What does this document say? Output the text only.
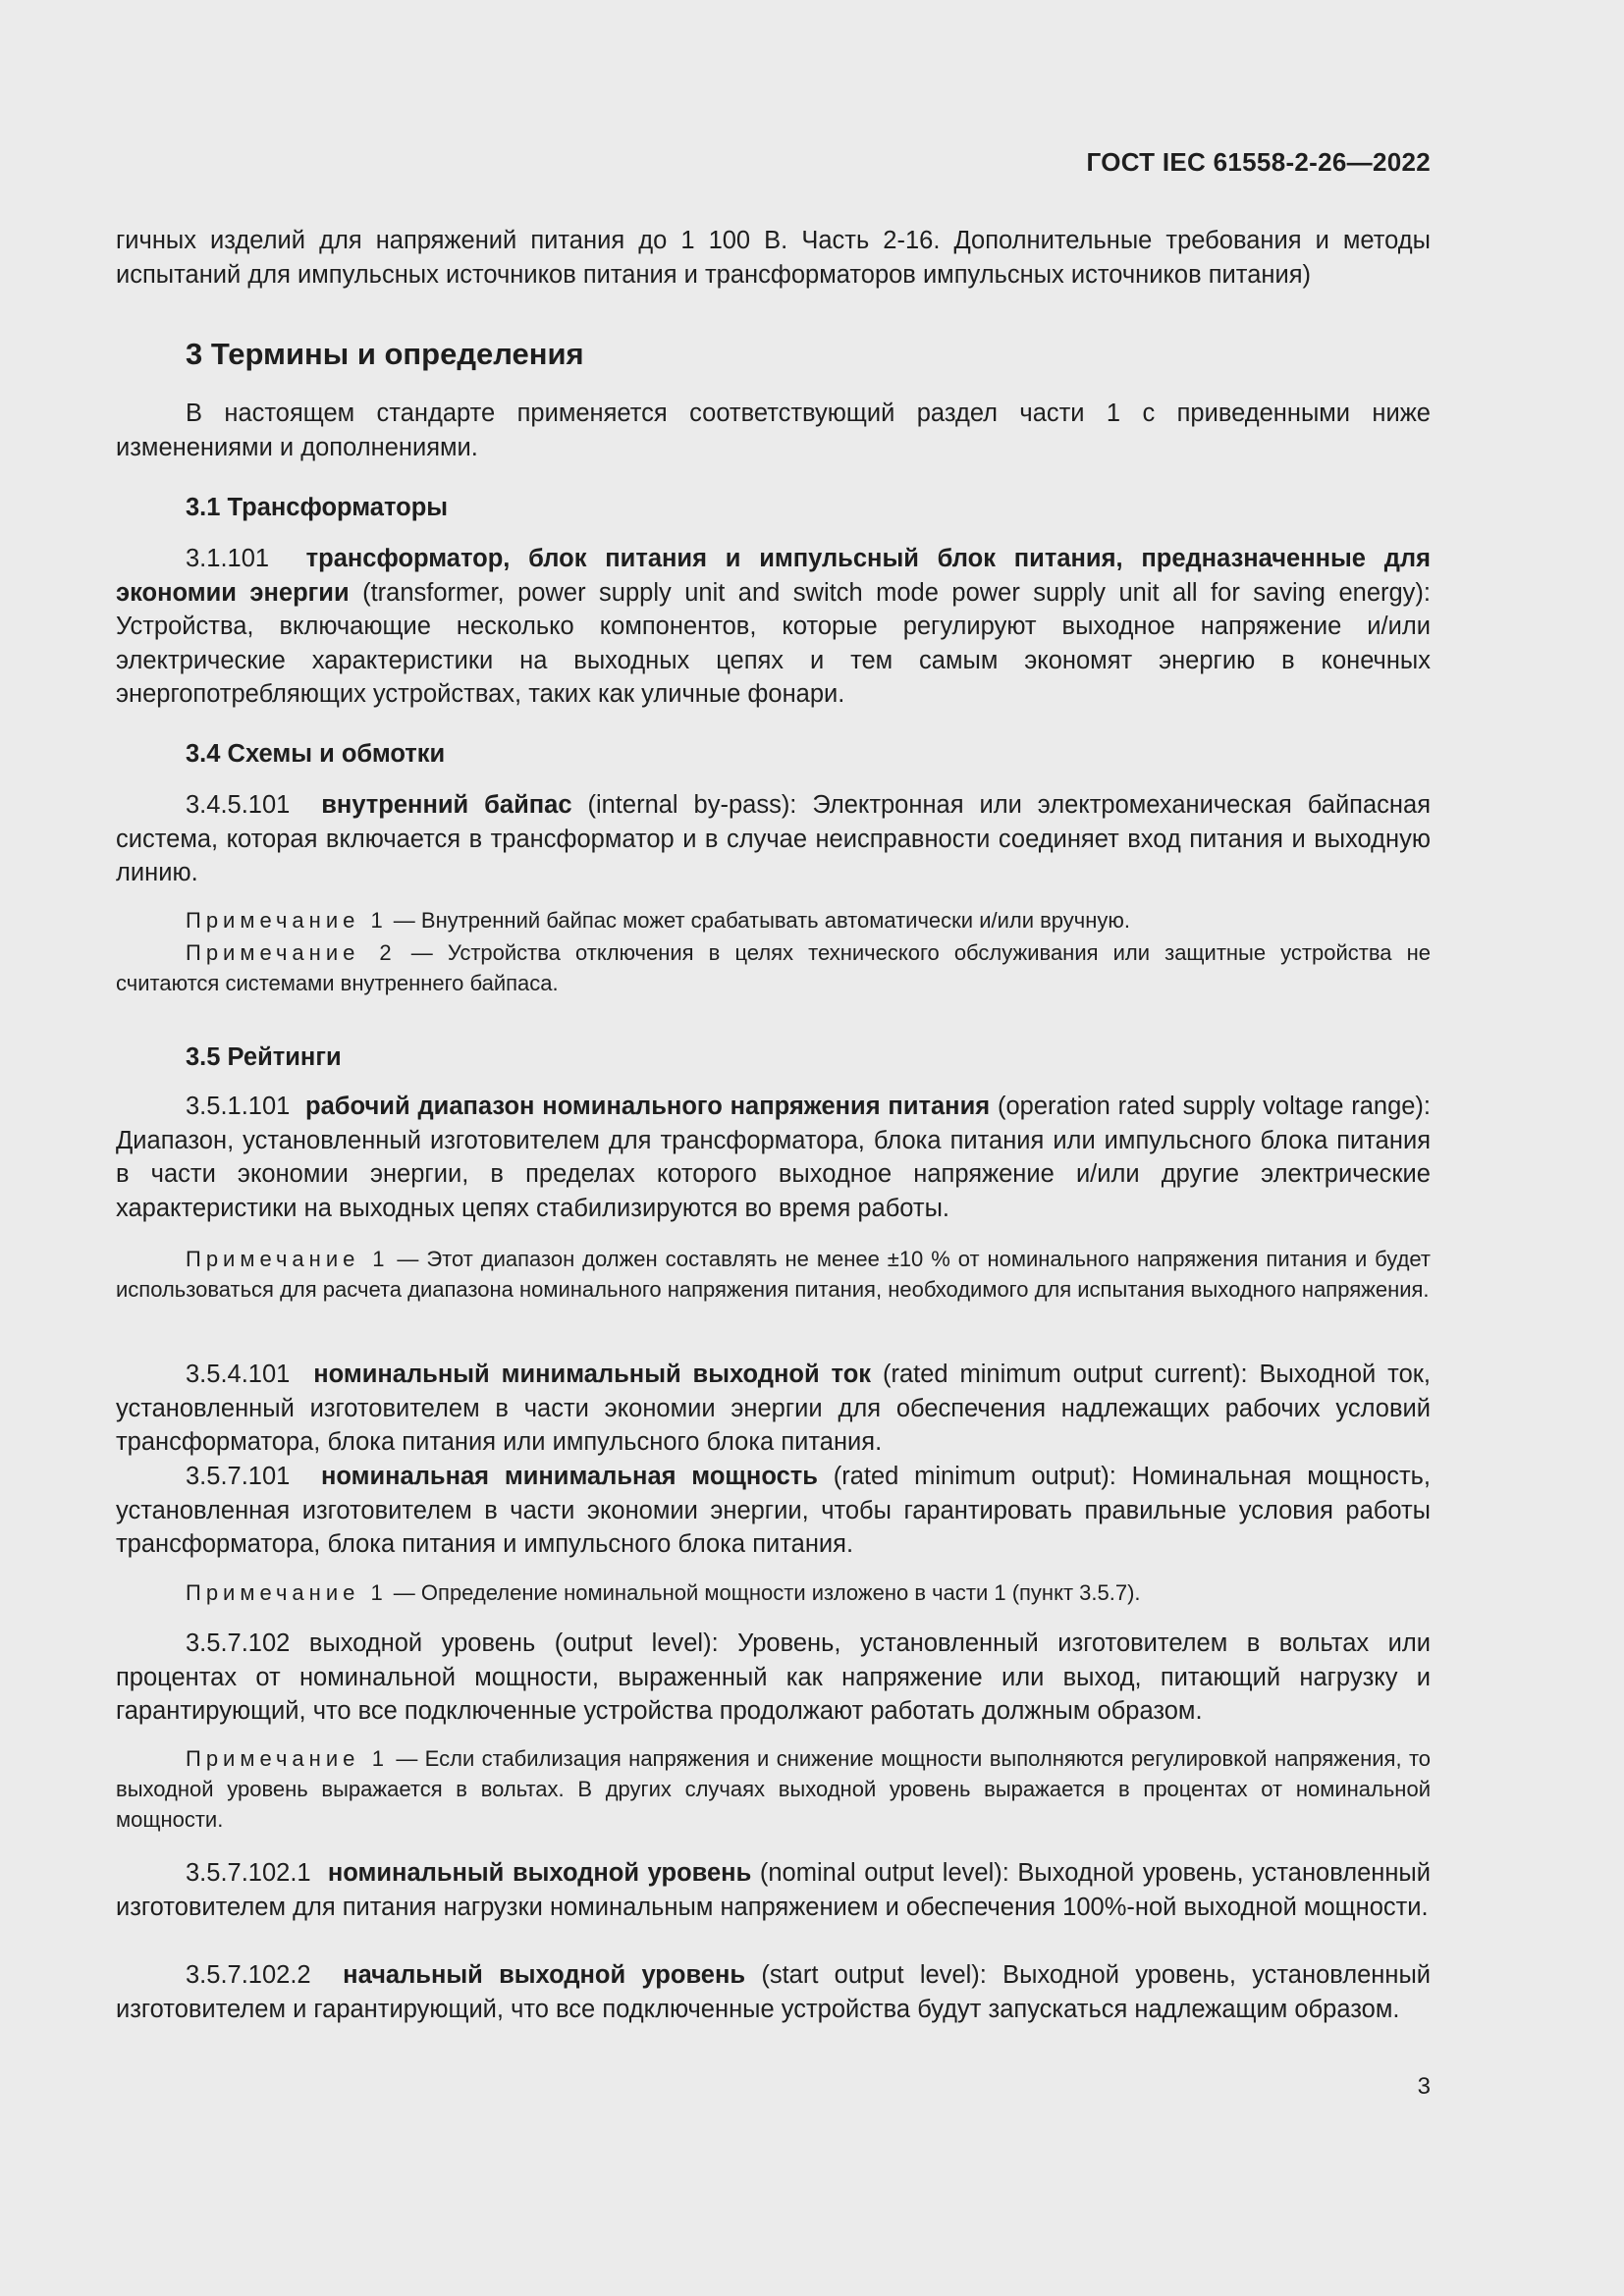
ГОСТ IEC 61558-2-26—2022

гичных изделий для напряжений питания до 1 100 В. Часть 2-16. Дополнительные требования и методы испытаний для импульсных источников питания и трансформаторов импульсных источников питания)

3 Термины и определения

В настоящем стандарте применяется соответствующий раздел части 1 с приведенными ниже изменениями и дополнениями.

3.1 Трансформаторы

3.1.101 трансформатор, блок питания и импульсный блок питания, предназначенные для экономии энергии (transformer, power supply unit and switch mode power supply unit all for saving energy): Устройства, включающие несколько компонентов, которые регулируют выходное напряжение и/или электрические характеристики на выходных цепях и тем самым экономят энергию в конечных энергопотребляющих устройствах, таких как уличные фонари.

3.4 Схемы и обмотки

3.4.5.101 внутренний байпас (internal by-pass): Электронная или электромеханическая байпасная система, которая включается в трансформатор и в случае неисправности соединяет вход питания и выходную линию.

Примечание 1 — Внутренний байпас может срабатывать автоматически и/или вручную.

Примечание 2 — Устройства отключения в целях технического обслуживания или защитные устройства не считаются системами внутреннего байпаса.

3.5 Рейтинги

3.5.1.101 рабочий диапазон номинального напряжения питания (operation rated supply voltage range): Диапазон, установленный изготовителем для трансформатора, блока питания или импульсного блока питания в части экономии энергии, в пределах которого выходное напряжение и/или другие электрические характеристики на выходных цепях стабилизируются во время работы.

Примечание 1 — Этот диапазон должен составлять не менее ±10 % от номинального напряжения питания и будет использоваться для расчета диапазона номинального напряжения питания, необходимого для испытания выходного напряжения.

3.5.4.101 номинальный минимальный выходной ток (rated minimum output current): Выходной ток, установленный изготовителем в части экономии энергии для обеспечения надлежащих рабочих условий трансформатора, блока питания или импульсного блока питания.

3.5.7.101 номинальная минимальная мощность (rated minimum output): Номинальная мощность, установленная изготовителем в части экономии энергии, чтобы гарантировать правильные условия работы трансформатора, блока питания и импульсного блока питания.

Примечание 1 — Определение номинальной мощности изложено в части 1 (пункт 3.5.7).

3.5.7.102 выходной уровень (output level): Уровень, установленный изготовителем в вольтах или процентах от номинальной мощности, выраженный как напряжение или выход, питающий нагрузку и гарантирующий, что все подключенные устройства продолжают работать должным образом.

Примечание 1 — Если стабилизация напряжения и снижение мощности выполняются регулировкой напряжения, то выходной уровень выражается в вольтах. В других случаях выходной уровень выражается в процентах от номинальной мощности.

3.5.7.102.1 номинальный выходной уровень (nominal output level): Выходной уровень, установленный изготовителем для питания нагрузки номинальным напряжением и обеспечения 100%-ной выходной мощности.

3.5.7.102.2 начальный выходной уровень (start output level): Выходной уровень, установленный изготовителем и гарантирующий, что все подключенные устройства будут запускаться надлежащим образом.

3
